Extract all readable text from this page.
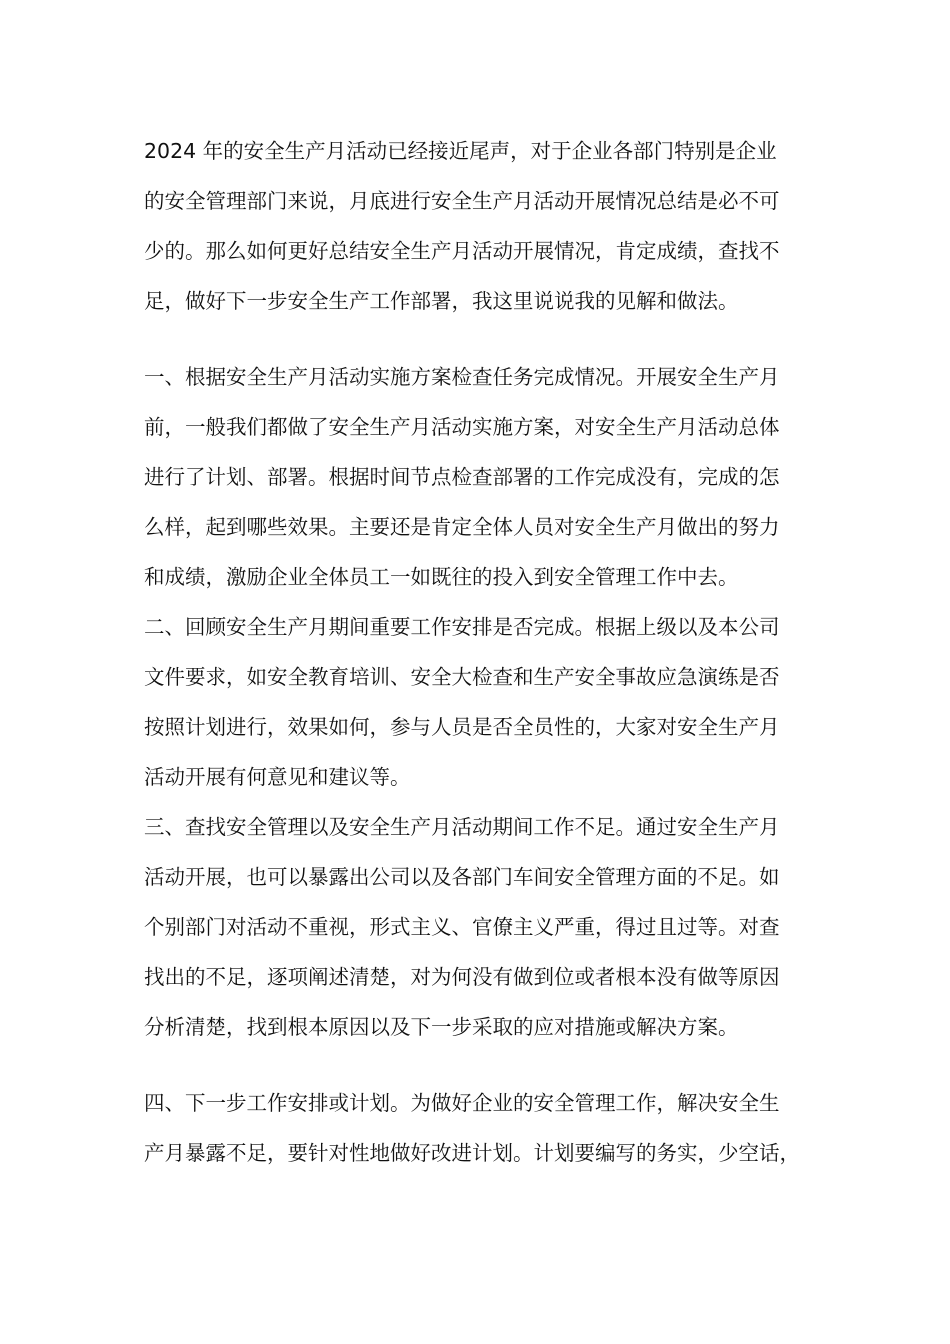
2024 年的安全生产月活动已经接近尾声，对于企业各部门特别是企业
的安全管理部门来说，月底进行安全生产月活动开展情况总结是必不可
少的。那么如何更好总结安全生产月活动开展情况，肯定成绩，查找不
足，做好下一步安全生产工作部署，我这里说说我的见解和做法。
一、根据安全生产月活动实施方案检查任务完成情况。开展安全生产月
前，一般我们都做了安全生产月活动实施方案，对安全生产月活动总体
进行了计划、部署。根据时间节点检查部署的工作完成没有，完成的怎
么样，起到哪些效果。主要还是肯定全体人员对安全生产月做出的努力
和成绩，激励企业全体员工一如既往的投入到安全管理工作中去。
二、回顾安全生产月期间重要工作安排是否完成。根据上级以及本公司
文件要求，如安全教育培训、安全大检查和生产安全事故应急演练是否
按照计划进行，效果如何，参与人员是否全员性的，大家对安全生产月
活动开展有何意见和建议等。
三、查找安全管理以及安全生产月活动期间工作不足。通过安全生产月
活动开展，也可以暴露出公司以及各部门车间安全管理方面的不足。如
个别部门对活动不重视，形式主义、官僚主义严重，得过且过等。对查
找出的不足，逐项阐述清楚，对为何没有做到位或者根本没有做等原因
分析清楚，找到根本原因以及下一步采取的应对措施或解决方案。
四、下一步工作安排或计划。为做好企业的安全管理工作，解决安全生
产月暴露不足，要针对性地做好改进计划。计划要编写的务实，少空话，
